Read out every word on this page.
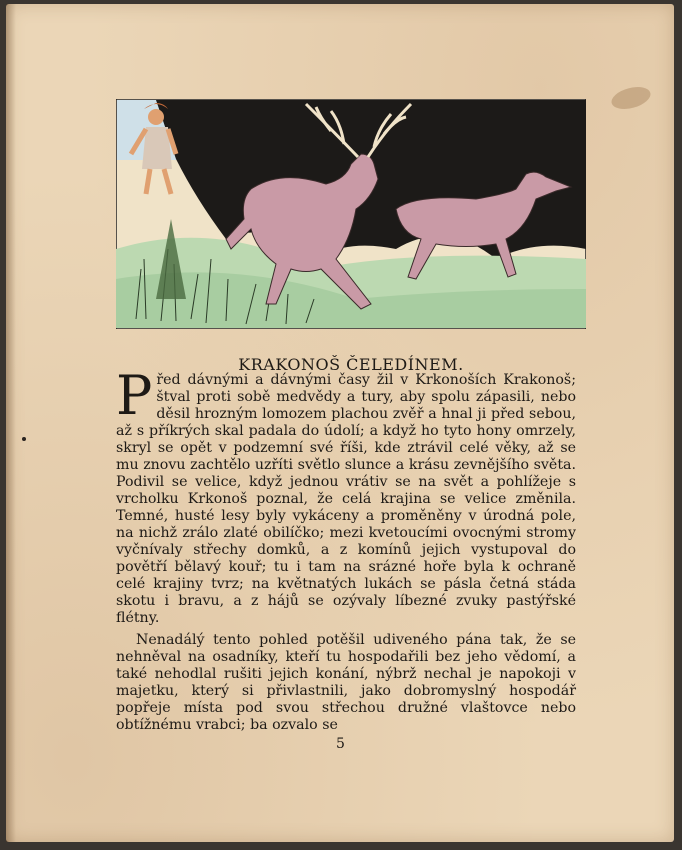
KRAKONOŠ ČELEDÍNEM.

Před dávnými a dávnými časy žil v Krkonoších Krakonoš; štval proti sobě medvědy a tury, aby spolu zápasili, nebo děsil hrozným lomozem plachou zvěř a hnal ji před sebou, až s příkrých skal padala do údolí; a když ho tyto hony omrzely, skryl se opět v podzemní své říši, kde ztrávil celé věky, až se mu znovu zachtělo uzříti světlo slunce a krásu zevnějšího světa. Podivil se velice, když jednou vrátiv se na svět a pohlížeje s vrcholku Krkonoš poznal, že celá krajina se velice změnila. Temné, husté lesy byly vykáceny a proměněny v úrodná pole, na nichž zrálo zlaté obilíčko; mezi kvetoucími ovocnými stromy vyčnívaly střechy domků, a z komínů jejich vystupoval do povětří bělavý kouř; tu i tam na srázné hoře byla k ochraně celé krajiny tvrz; na květnatých lukách se pásla četná stáda skotu i bravu, a z hájů se ozývaly líbezné zvuky pastýřské flétny.

Nenadálý tento pohled potěšil udiveného pána tak, že se nehněval na osadníky, kteří tu hospodařili bez jeho vědomí, a také nehodlal rušiti jejich konání, nýbrž nechal je napokoji v majetku, který si přivlastnili, jako dobromyslný hospodář popřeje místa pod svou střechou družné vlaštovce nebo obtížnému vrabci; ba ozvalo se

5
